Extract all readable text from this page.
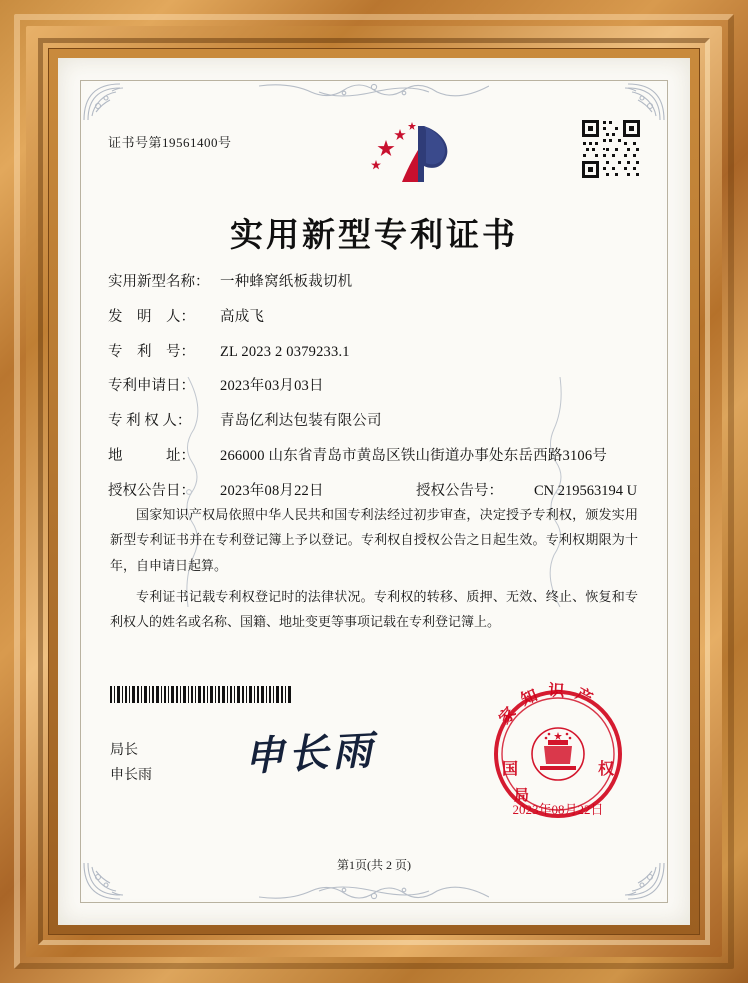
证书号第19561400号
实用新型专利证书
实用新型名称： 一种蜂窝纸板裁切机
发　明　人：	高成飞
专　利　号：	ZL 2023 2 0379233.1
专利申请日：	2023年03月03日
专 利 权 人：	青岛亿利达包装有限公司
地　　　址：	266000 山东省青岛市黄岛区铁山街道办事处东岳西路3106号
授权公告日：	2023年08月22日	授权公告号：	CN 219563194 U

国家知识产权局依照中华人民共和国专利法经过初步审查，决定授予专利权，颁发实用新型专利证书并在专利登记簿上予以登记。专利权自授权公告之日起生效。专利权期限为十年，自申请日起算。

专利证书记载专利权登记时的法律状况。专利权的转移、质押、无效、终止、恢复和专利权人的姓名或名称、国籍、地址变更等事项记载在专利登记簿上。

申长雨
局长
申长雨
家知识产
国	权
局
2023年08月22日
第1页(共 2 页)
